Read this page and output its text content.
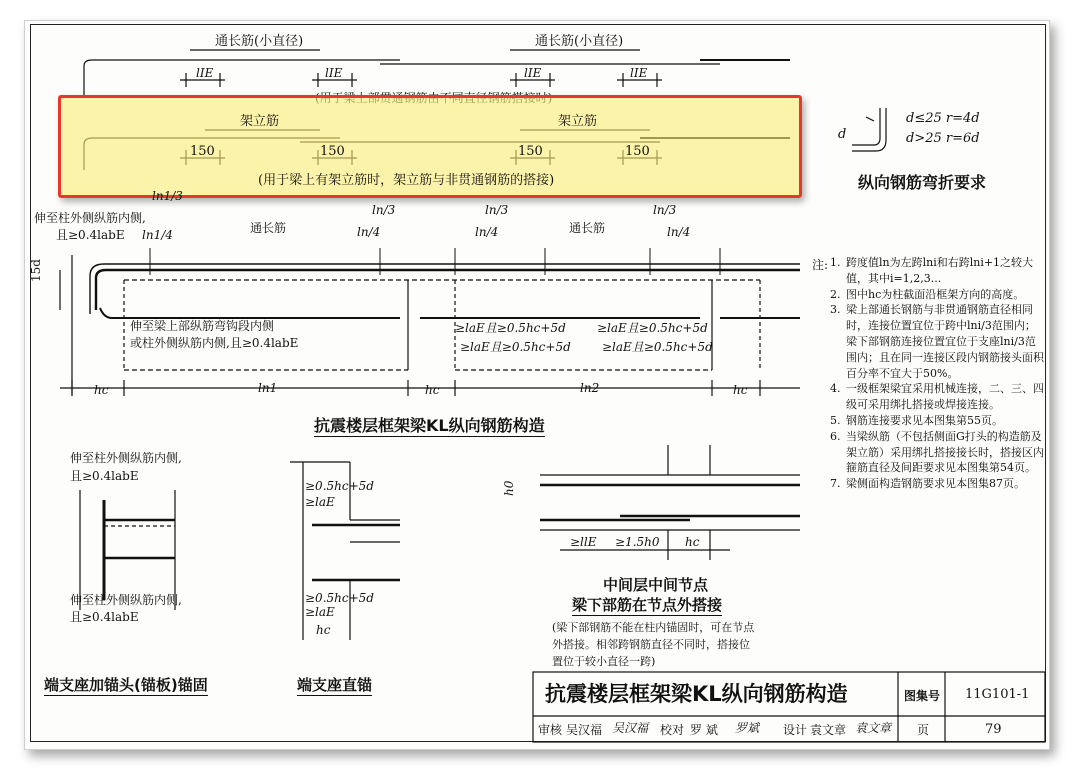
通长筋(小直径)	通长筋(小直径)
lIE	lIE	lIE	lIE
架立筋	架立筋
150	150	150	150
(用于梁上有架立筋时，架立筋与非贯通钢筋的搭接)
d≤25 r=4d
d>25 r=6d
d
纵向钢筋弯折要求
伸至柱外侧纵筋内侧,
且≥0.4labE
ln1/3
ln1/4
ln/3
ln/4
ln/3
ln/4
ln/3
ln/4
通长筋	通长筋
15d
伸至梁上部纵筋弯钩段内侧
或柱外侧纵筋内侧,且≥0.4labE
≥laE且≥0.5hc+5d	≥laE且≥0.5hc+5d
≥laE且≥0.5hc+5d	≥laE且≥0.5hc+5d
hc	hc	hc
ln1	ln2
抗震楼层框架梁KL纵向钢筋构造
伸至柱外侧纵筋内侧,
且≥0.4labE
伸至柱外侧纵筋内侧,
且≥0.4labE
端支座加锚头(锚板)锚固
≥0.5hc+5d
≥laE
≥0.5hc+5d
≥laE
hc
端支座直锚
h0
≥llE ≥1.5h0 hc
中间层中间节点
梁下部筋在节点外搭接
(梁下部钢筋不能在柱内锚固时，可在节点
外搭接。相邻跨钢筋直径不同时，搭接位
置位于较小直径一跨)
注: 1. 跨度值ln为左跨lni和右跨lni+1之较大值，其中i=1,2,3...
2. 图中hc为柱截面沿框架方向的高度。
3. 梁上部通长钢筋与非贯通钢筋直径相同时，连接位置宜位于跨中lni/3范围内；梁下部钢筋连接位置宜位于支座lni/3范围内；且在同一连接区段内钢筋接头面积百分率不宜大于50%。
4. 一级框架梁宜采用机械连接，二、三、四级可采用绑扎搭接或焊接连接。
5. 钢筋连接要求见本图集第55页。
6. 当梁纵筋（不包括侧面G打头的构造筋及架立筋）采用绑扎搭接接长时，搭接区内箍筋直径及间距要求见本图集第54页。
7. 梁侧面构造钢筋要求见本图集87页。
抗震楼层框架梁KL纵向钢筋构造	图集号 11G101-1
审核 吴汉福 吴汉福 校对 罗 斌 罗斌 设计 袁文章 袁文章 页	79
